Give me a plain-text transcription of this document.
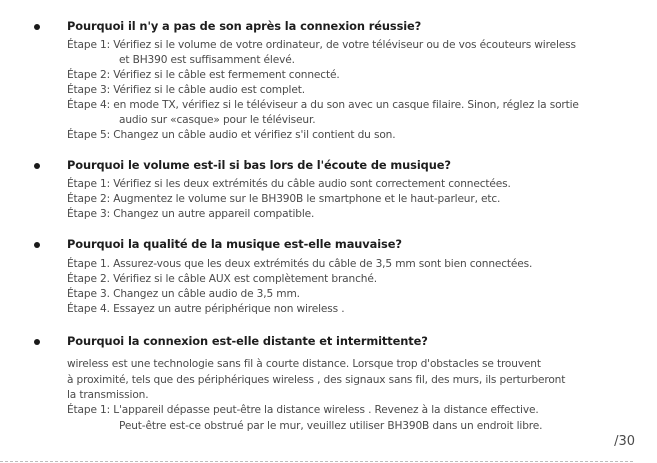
Pourquoi il n'y a pas de son après la connexion réussie?
Étape 1: Vérifiez si le volume de votre ordinateur, de votre téléviseur ou de vos écouteurs wireless
et BH390 est suffisamment élevé.
Étape 2: Vérifiez si le câble est fermement connecté.
Étape 3: Vérifiez si le câble audio est complet.
Étape 4: en mode TX, vérifiez si le téléviseur a du son avec un casque filaire. Sinon, réglez la sortie
audio sur «casque» pour le téléviseur.
Étape 5: Changez un câble audio et vérifiez s'il contient du son.
Pourquoi le volume est-il si bas lors de l'écoute de musique?
Étape 1: Vérifiez si les deux extrémités du câble audio sont correctement connectées.
Étape 2: Augmentez le volume sur le BH390B le smartphone et le haut-parleur, etc.
Étape 3: Changez un autre appareil compatible.
Pourquoi la qualité de la musique est-elle mauvaise?
Étape 1. Assurez-vous que les deux extrémités du câble de 3,5 mm sont bien connectées.
Étape 2. Vérifiez si le câble AUX est complètement branché.
Étape 3. Changez un câble audio de 3,5 mm.
Étape 4. Essayez un autre périphérique non wireless .
Pourquoi la connexion est-elle distante et intermittente?
wireless est une technologie sans fil à courte distance. Lorsque trop d'obstacles se trouvent
à proximité, tels que des périphériques wireless , des signaux sans fil, des murs, ils perturberont
la transmission.
Étape 1: L'appareil dépasse peut-être la distance wireless . Revenez à la distance effective.
Peut-être est-ce obstrué par le mur, veuillez utiliser BH390B dans un endroit libre.
/30
